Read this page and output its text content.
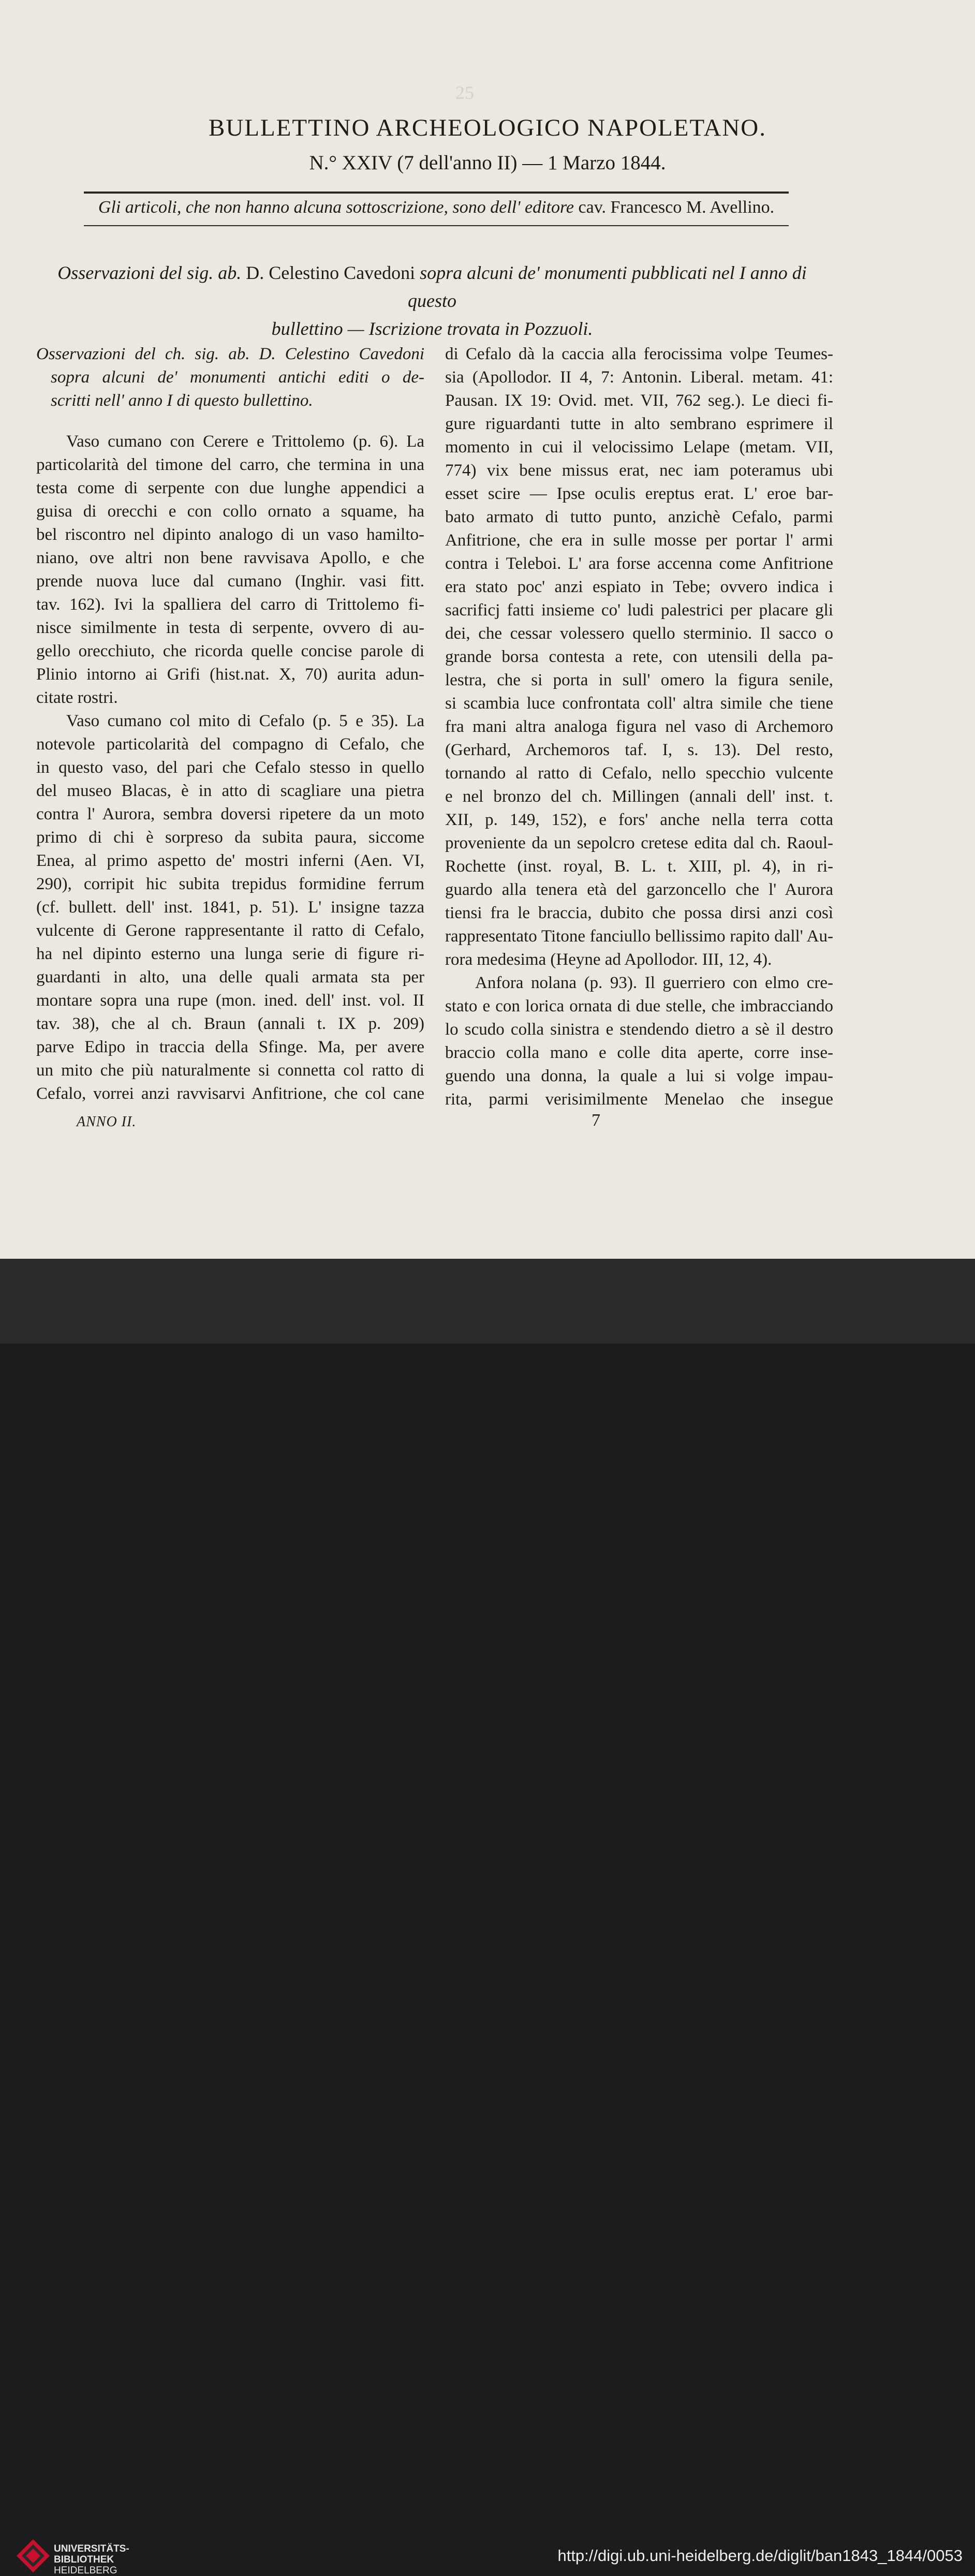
25
BULLETTINO ARCHEOLOGICO NAPOLETANO.
N.° XXIV (7 dell'anno II) — 1 Marzo 1844.
Gli articoli, che non hanno alcuna sottoscrizione, sono dell' editore cav. Francesco M. Avellino.
Osservazioni del sig. ab. D. Celestino Cavedoni sopra alcuni de' monumenti pubblicati nel I anno di questo
bullettino — Iscrizione trovata in Pozzuoli.
Osservazioni del ch. sig. ab. D. Celestino Cavedoni
sopra alcuni de' monumenti antichi editi o de-
scritti nell' anno I di questo bullettino.
Vaso cumano con Cerere e Trittolemo (p. 6). La
particolarità del timone del carro, che termina in una
testa come di serpente con due lunghe appendici a
guisa di orecchi e con collo ornato a squame, ha
bel riscontro nel dipinto analogo di un vaso hamilto-
niano, ove altri non bene ravvisava Apollo, e che
prende nuova luce dal cumano (Inghir. vasi fitt.
tav. 162). Ivi la spalliera del carro di Trittolemo fi-
nisce similmente in testa di serpente, ovvero di au-
gello orecchiuto, che ricorda quelle concise parole di
Plinio intorno ai Grifi (hist.nat. X, 70) aurita adun-
citate rostri.
Vaso cumano col mito di Cefalo (p. 5 e 35). La
notevole particolarità del compagno di Cefalo, che
in questo vaso, del pari che Cefalo stesso in quello
del museo Blacas, è in atto di scagliare una pietra
contra l' Aurora, sembra doversi ripetere da un moto
primo di chi è sorpreso da subita paura, siccome
Enea, al primo aspetto de' mostri inferni (Aen. VI,
290), corripit hic subita trepidus formidine ferrum
(cf. bullett. dell' inst. 1841, p. 51). L' insigne tazza
vulcente di Gerone rappresentante il ratto di Cefalo,
ha nel dipinto esterno una lunga serie di figure ri-
guardanti in alto, una delle quali armata sta per
montare sopra una rupe (mon. ined. dell' inst. vol. II
tav. 38), che al ch. Braun (annali t. IX p. 209)
parve Edipo in traccia della Sfinge. Ma, per avere
un mito che più naturalmente si connetta col ratto di
Cefalo, vorrei anzi ravvisarvi Anfitrione, che col cane
di Cefalo dà la caccia alla ferocissima volpe Teumes-
sia (Apollodor. II 4, 7: Antonin. Liberal. metam. 41:
Pausan. IX 19: Ovid. met. VII, 762 seg.). Le dieci fi-
gure riguardanti tutte in alto sembrano esprimere il
momento in cui il velocissimo Lelape (metam. VII,
774) vix bene missus erat, nec iam poteramus ubi
esset scire — Ipse oculis ereptus erat. L' eroe bar-
bato armato di tutto punto, anzichè Cefalo, parmi
Anfitrione, che era in sulle mosse per portar l' armi
contra i Teleboi. L' ara forse accenna come Anfitrione
era stato poc' anzi espiato in Tebe; ovvero indica i
sacrificj fatti insieme co' ludi palestrici per placare gli
dei, che cessar volessero quello sterminio. Il sacco o
grande borsa contesta a rete, con utensili della pa-
lestra, che si porta in sull' omero la figura senile,
si scambia luce confrontata coll' altra simile che tiene
fra mani altra analoga figura nel vaso di Archemoro
(Gerhard, Archemoros taf. I, s. 13). Del resto,
tornando al ratto di Cefalo, nello specchio vulcente
e nel bronzo del ch. Millingen (annali dell' inst. t.
XII, p. 149, 152), e fors' anche nella terra cotta
proveniente da un sepolcro cretese edita dal ch. Raoul-
Rochette (inst. royal, B. L. t. XIII, pl. 4), in ri-
guardo alla tenera età del garzoncello che l' Aurora
tiensi fra le braccia, dubito che possa dirsi anzi così
rappresentato Titone fanciullo bellissimo rapito dall' Au-
rora medesima (Heyne ad Apollodor. III, 12, 4).
Anfora nolana (p. 93). Il guerriero con elmo cre-
stato e con lorica ornata di due stelle, che imbracciando
lo scudo colla sinistra e stendendo dietro a sè il destro
braccio colla mano e colle dita aperte, corre inse-
guendo una donna, la quale a lui si volge impau-
rita, parmi verisimilmente Menelao che insegue
ANNO II.	7
UNIVERSITÄTS-
BIBLIOTHEK
HEIDELBERG
http://digi.ub.uni-heidelberg.de/diglit/ban1843_1844/0053
